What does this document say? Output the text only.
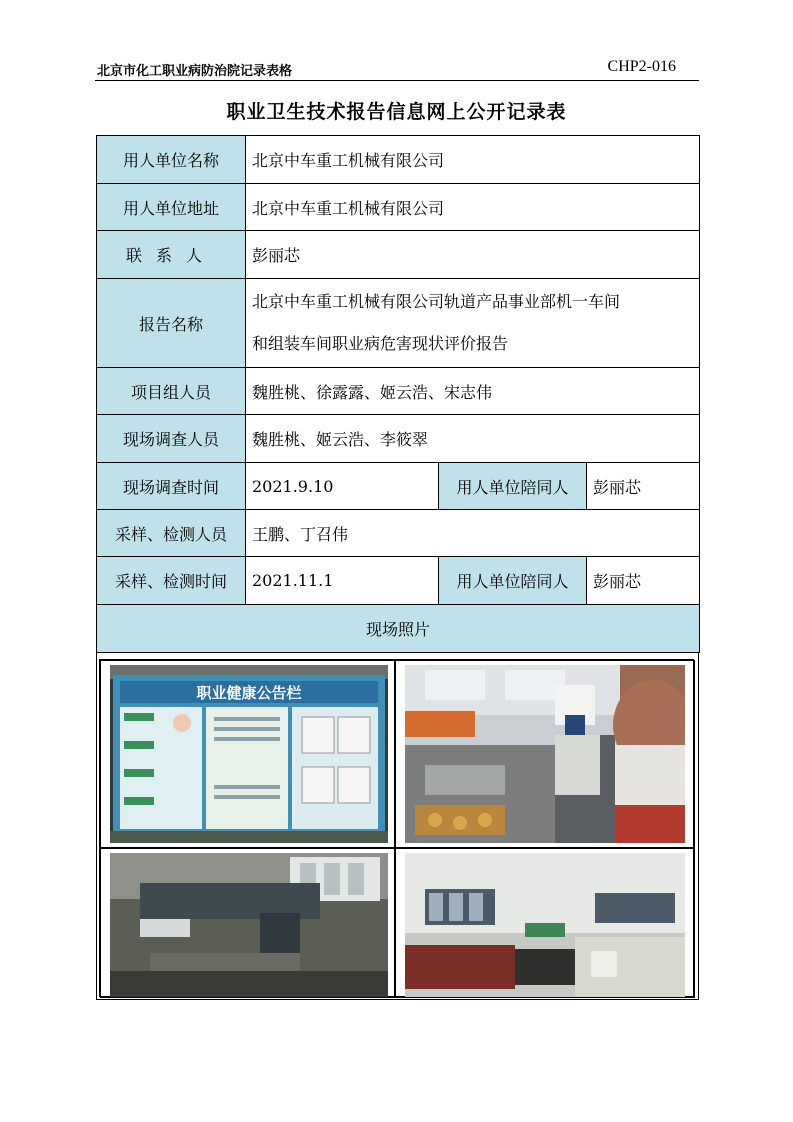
北京市化工职业病防治院记录表格	CHP2-016
职业卫生技术报告信息网上公开记录表
用人单位名称	北京中车重工机械有限公司		
用人单位地址	北京中车重工机械有限公司		
联系人	彭丽芯		
报告名称	北京中车重工机械有限公司轨道产品事业部机一车间
和组装车间职业病危害现状评价报告		

项目组人员	魏胜桃、徐露露、姬云浩、宋志伟		
现场调查人员	魏胜桃、姬云浩、李筱翠		
现场调查时间	2021.9.10	用人单位陪同人	彭丽芯
采样、检测人员	王鹏、丁召伟		
采样、检测时间	2021.11.1	用人单位陪同人	彭丽芯
现场照片			
职业健康公告栏
